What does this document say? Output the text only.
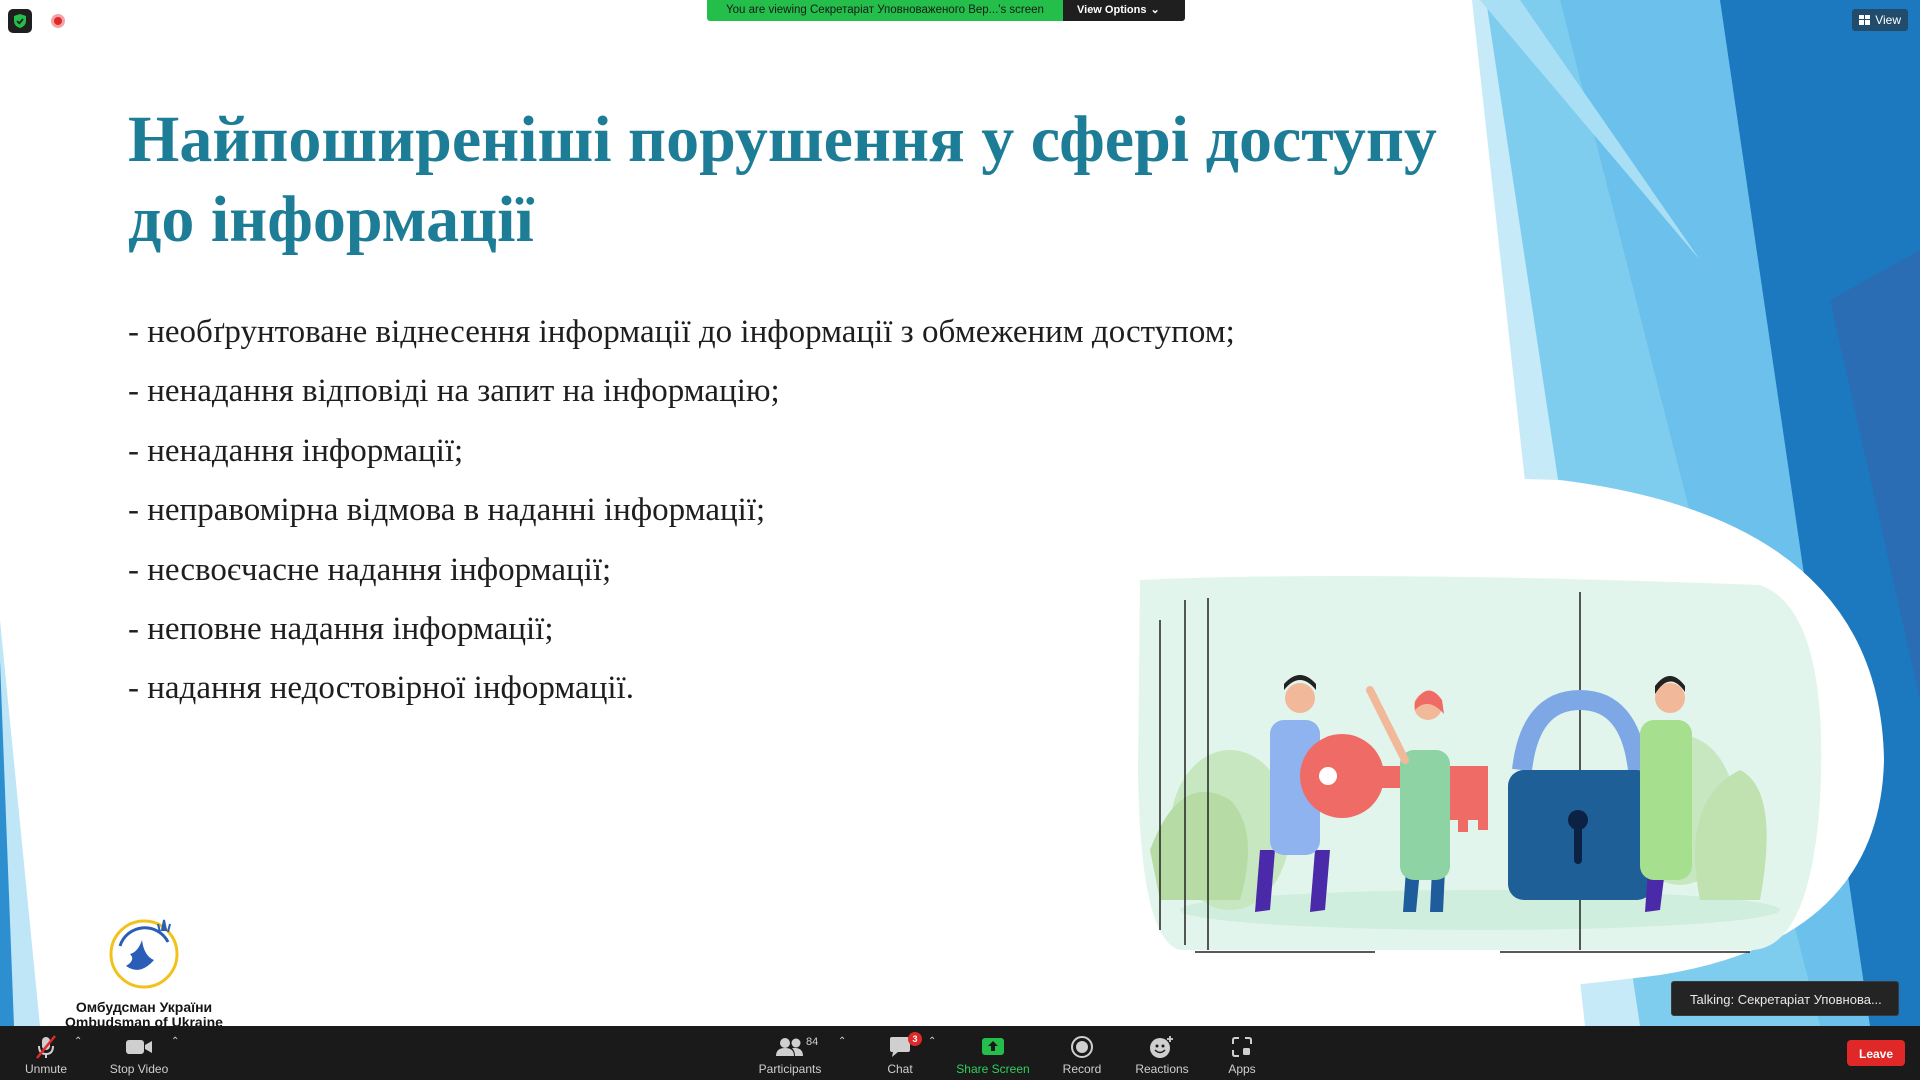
Найпоширеніші порушення у сфері доступу до інформації
- необґрунтоване віднесення інформації до інформації з обмеженим доступом;
- ненадання відповіді на запит на інформацію;
- ненадання інформації;
- неправомірна відмова в наданні інформації;
- несвоєчасне надання інформації;
- неповне надання інформації;
- надання недостовірної інформації.
Омбудсман України
Ombudsman of Ukraine
You are viewing Секретаріат Уповноваженого Вер...'s screen	View Options ⌄
View
Talking: Секретаріат Уповнова...
Unmute
⌃
Stop Video
⌃	84
Participants
⌃	3
Chat
⌃
Share Screen	Record	Reactions	Apps
Leave
